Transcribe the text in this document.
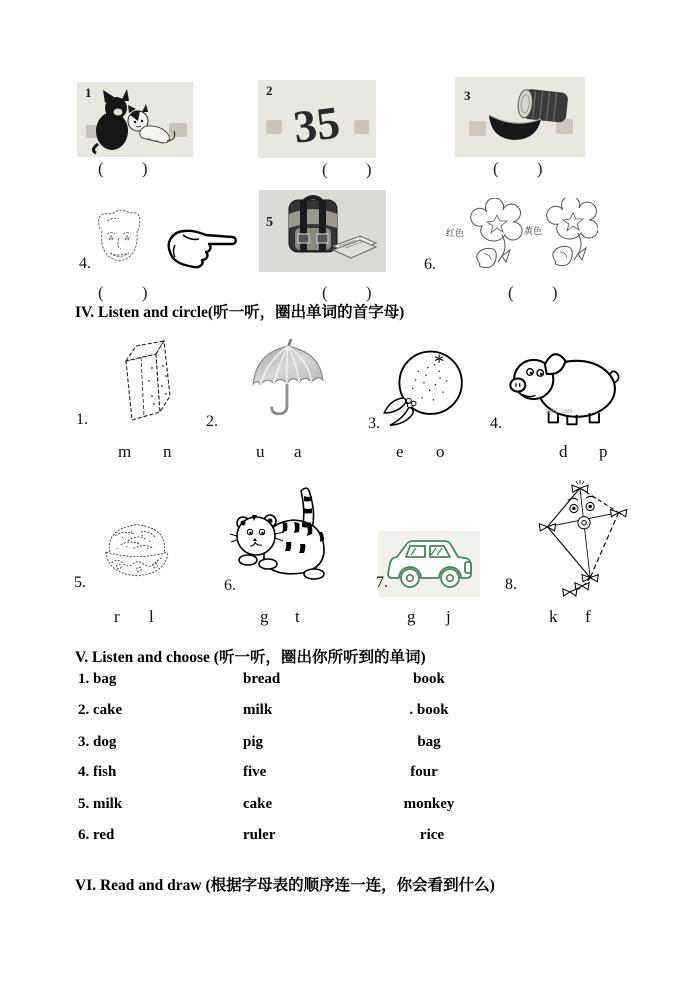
1
(         )
2
35
(         )
3
(         )
4.
(         )
5
(         )
红色	黄色
6.
(         )
IV. Listen and circle(听一听，圈出单词的首字母)
tu61. com
1.	2.	3.	4.
m n	u a	e o	d p
5.	6.	7.	8.
r l	g t	g j	k f
V. Listen and choose (听一听，圈出你所听到的单词)
1. bag	bread	book
2. cake	milk	. book
3. dog	pig	bag
4. fish	five	four
5. milk	cake	monkey
6. red	ruler	rice
VI. Read and draw (根据字母表的顺序连一连，你会看到什么)
